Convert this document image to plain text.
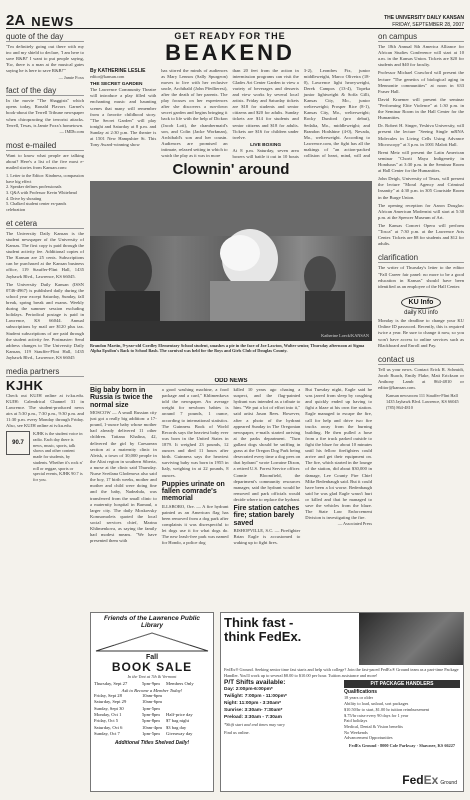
2A NEWS	THE UNIVERSITY DAILY KANSAN
FRIDAY, SEPTEMBER 28, 2007
quote of the day
"I'm definitely going out there with my inc and my shield to declare, 'I am here to save R&B!' I want to put people saying, 'Ew, there is a man at the musical gates saying he is here to save R&B!'"
— Jamie Foxx
fact of the day
In the movie "The Shaggists" which opens today, Ronald Flavors Garnet's book-about the Terrell Tribune newspaper when chiropracting the terrorist attacks. Terrell, Texas, is Jamie Foxx's hometown.
— IMDb.com
most e-mailed
Want to know what people are talking about? Here's a list of the five most e-mailed stories from Kansan.com:
1. Letter to the Editor: Kindness, compassion have big effect
2. Speaker defines professionals
3. Q&A with Professor Kevin Whitehead
4. Drive by shouting
5. Chalked student center ex-pands celebration
et cetera
The University Daily Kansan is the student newspaper of the University of Kansas. The first copy is paid through the student activity fee. Additional copies of The Kansan are 25 cents. Subscriptions can be purchased at the Kansan business office, 119 Stauffer-Flint Hall, 1435 Jayhawk Blvd., Lawrence, KS 66045.
The University Daily Kansan (ISSN 0746-4967) is published daily during the school year except Saturday, Sunday, fall break, spring break and exams. Weekly during the summer session excluding holidays. Periodical postage is paid in Lawrence, KS 66044. Annual subscriptions by mail are $120 plus tax. Student subscriptions of are paid through the student activity fee. Postmaster: Send address changes to The University Daily Kansan, 119 Stauffer-Flint Hall, 1435 Jayhawk Blvd., Lawrence, KS 66045
media partners
KJHK
Check out KUJH online at tv.ku.edu. KUJH: Calendrical Channel 31 in Lawrence. The student-produced news airs at 5:30 p.m., 7:30 p.m., 9:30 p.m. and 11:30 p.m. every Monday through Friday. Also, see KUJH online at tv.ku.edu.
90.7
KJHK is the student voice in radio. Each day there is news, music, sports, talk shows and other content made for students, by students. Whether it's rock n' roll or reggae, sports or special events, KJHK 90.7 is for you.
GET READY FOR THE
BEAKEND
By KATHERINE LESLIE
editor@kansan.com
THE SECRET GARDEN
The Lawrence Community Theatre will introduce a play filled with enchanting music and haunting scenes that many will remember from a favorite childhood story. "The Secret Garden" will play tonight and Saturday at 8 p.m. and Sunday at 2:30 p.m. The theatre is at 1501 New Hampshire St. This Tony Award-winning show
has stirred the minds of audiences as Mary Lennox (Sally Spurgeon) moves to live with her reclusive uncle, Archibald (John Pfedlieresi), after the death of her parents. The play focuses on her experiences after she discovers a run-down secret garden and begins bringing it back to life with the help of Dickon (Jacob Lott), the chambermaid's son, and Colin (Jacke Workman), Archibald's son and her cousin. Audiences are promised an intimate, relaxed setting in which to watch the play as it was in more
than 20 feet from the action in intermission programs can visit the Glades Art Center Garden to view a variety of beverages and desserts and view works by several local artists. Friday and Saturday tickets are $18 for students and senior citizens and $20 for adults. Sunday tickets are $14 for students and senior citizens and $18 for adults. Tickets are $16 for children under twelve.
LIVE BOXING
At 8 p.m. Saturday, seven area boxers will battle it out in 10 bouts
3-2), Leondres Fix, junior middleweight, Marco Oliveira (18-0), Lawrence light heavyweight, Derek Campos (13-4), Topeka junior lightweight & Sofía Gilli, Kansas City, Mo., junior welterweight; Prosper Rice (8-1), Kansas City, Mo., welterweight; Rocky Dunford (pro debut), Sedalia, Mo., middleweight; and Brandon Hodshine (4-0), Nevada, Mo., welterweight. According to Lawrence.com, the fight has all the makings of "an action-packed collision of heart, mind, will and
on campus
The 18th Annual 8th America Alliance for African Studies Conference will start at 10 a.m. in the Kansas Union. Tickets are $20 for students and $40 for faculty.
Professor Michael Crawford will present the lecture "The genetics of biological aging in Mennonite communities" at noon in 633 Fraser Hall.
David Kraemer will present the seminar "Performing Elite Violence" at 1:30 p.m. in the Seminar Room in the Hall Center for the Humanities.
Dr. Robert H. Singer, Yeshiva University, will present the lecture "Seeing Single mRNA Molecules in Living Cells Using Advance Microscopy" at 3 p.m. in 1001 Malott Hall.
Brent Metz will present the Latin American seminar "Chorti Maya Indigeneity in Honduras" at 3:30 p.m. in the Seminar Room at Hall Center for the Humanities.
John Deigh, University of Texas, will present the lecture "Moral Agency and Criminal Insanity" at 4:30 p.m. in 305 Courtside Room in the Burge Union.
The opening reception for Aaron Douglas: African American Modernist will start at 5:30 p.m. at the Spencer Museum of Art.
The Kansas Concert Opera will perform "Tosca" at 7:30 p.m. at the Lawrence Arts Center. Tickets are $8 for students and $12 for adults.
clarification
The writer of Thursday's letter to the editor "Fall Career fair panel: no more to be a good education in Kansas" should have been identified as an employee of the Hall Center.
KU Info
daily KU info
Monday is the deadline to change your KU Online ID password. Recently, this is required twice a year. Be sure to change it now, so you won't have access to online services such as Blackboard and Enroll and Pay.
contact us
Tell us your news. Contact Erick R. Schmidt, Jacob Ruach, Emily Flake, Matt Erickson or Anthony Lamb at 864-4810 or editor@kansan.com.
Kansan newsroom 111 Stauffer-Flint Hall 1435 Jayhawk Blvd. Lawrence, KS 66045 (785) 864-4810
Clownin' around
Katherine Loeck/KANSAN
Brandon Martin, 9-year-old Cordley Elementary School student, smashes a pie in the face of Joe Lawton, Walter senior, Thursday afternoon at Sigma Alpha Epsilon's Back to School Bash. The carnival was held for the Boys and Girls Club of Douglas County.
ODD NEWS
Big baby born in Russia is twice the normal size
MOSCOW — A small Russian city just got a really big addition: a 17-pound, 1-ounce baby whose mother had already delivered 11 other children. Tatiana Khalina, 42, delivered the girl by Caesarean section at a maternity clinic in Aleisk, a town of 30,000 people in the Altai region in southern Siberia, a nurse at the clinic said Thursday. Nurse Svetlana Glodenova also said the boy, 17 birth weeks, mother and mother and child were doing fine and the baby, Nadezhda, was transferred from the small clinic to a maternity hospital in Barnaul, a larger city. The daily Moskovsky Komsomolets quoted the local social services chief, Marina Khlimenkova, as saying the family had modest means. "We have presented them with
a good washing machine, a food package and a card," Khlimenkova told the newspaper. An average weight for newborn babies is around 7 pounds, 1 ounce, according to international statistics. The Guinness Book of World Records says the heaviest baby ever was born in the United States in 1879. It weighed 23 pounds, 12 ounces and died 11 hours after birth. Guinness says the heaviest surviving baby was born in 1955 in Italy, weighing in at 22 pounds, 8 ounces.
Puppies urinate on fallen comrade's memorial
ILLSBORO, Ore. — A fire hydrant painted as an American flag has been removed from a dog park after complaints it was disrespectful to let dogs use it for what dogs do. The new leash-free park was named for Hondo, a police dog
killed 10 years ago chasing a suspect, and the flag-painted hydrant was intended as a tribute to him. "We put a lot of effort into it," said artist Jason Rees. However, after a photo of the hydrant appeared Sunday in The Oregonian newspaper, e-mails started arriving at the parks department. "Turn gallant dogs should be sniffing in grass at the Oregon Dog Park being desecrated every time a dog pees on that hydrant" wrote Lorraine Dizon, a retired U.S. Forest Service officer. Connie Bloomfield, the department's community resources manager, said the hydrant would be removed and park officials would decide where to replace the hydrant.
Fire station catches fire; station barely saved
BISHOPVILLE, S.C. — Firefighter Brian Eagle is accustomed to waking up to fight fires.
But Tuesday night, Eagle said he was jarred from sleep by coughing and quickly ended up having to fight a blaze at his own fire station. Eagle managed to escape the fire, call for help and drive two fire trucks away from the burning building. He then pulled a hose from a fire truck parked outside to fight the blaze for about 10 minutes until his fellow firefighters could arrive and get their equipment on. The fire, which started in the lounge of the station, did about $30,000 in damage, Lee County Fire Chief Mike Bedenbaugh said. But it could have been a lot worse. Bedenbaugh said he was glad Eagle wasn't hurt or killed and that he managed to save the vehicles from the blaze. The State Law Enforcement Division is investigating the fire.
— Associated Press
Friends of the Lawrence Public Library
Fall
BOOK SALE
In the Tent at 7th & Vermont
Thursday, Sept 27	5pm-9pm	Members Only
Ask to Become a Member Today!
Friday, Sept 28	10am-6pm
Saturday, Sept 29	10am-6pm
Sunday, Sept 30	1pm-5pm
Monday, Oct 1	5pm-8pm	Half-price day
Friday, Oct 5	5pm-8pm	$7 bag night
Saturday, Oct 6	10am-4pm $3 bag day
Sunday, Oct 7	1pm-5pm	Giveaway day
Additional Titles Shelved Daily!
Think fast -
think FedEx.
FedEx® Ground. Seeking senior time fast starts and help with college? Join the fast-paced FedEx® Ground team as a part-time Package Handler. You'll work up to several $8.00 to $10.00 per hour. Tuition assistance and more!
P/T Shifts available:
Day: 2:00pm-6:00pm*
Twilight: 7:00pm - 11:00pm*
Night: 11:00pm - 3:30am*
Sunrise: 3:30am- 7:30am*
Preload: 3:30am - 7:30am
*Shift start and end times may vary
Find us online.
P/T PACKAGE HANDLERS
Qualifications
18 years or older
Ability to load, unload, sort packages
$10.50/hr to start, $1.00 hr tuition reimbursement
$.75/hr raise every 90 days for 1 year
Paid holidays
Medical, Dental & Vision benefits
No Weekends
Advancement Opportunities
FedEx Ground · 8000 Cole Parkway · Shawnee, KS 66227
Fed Ex Ground
